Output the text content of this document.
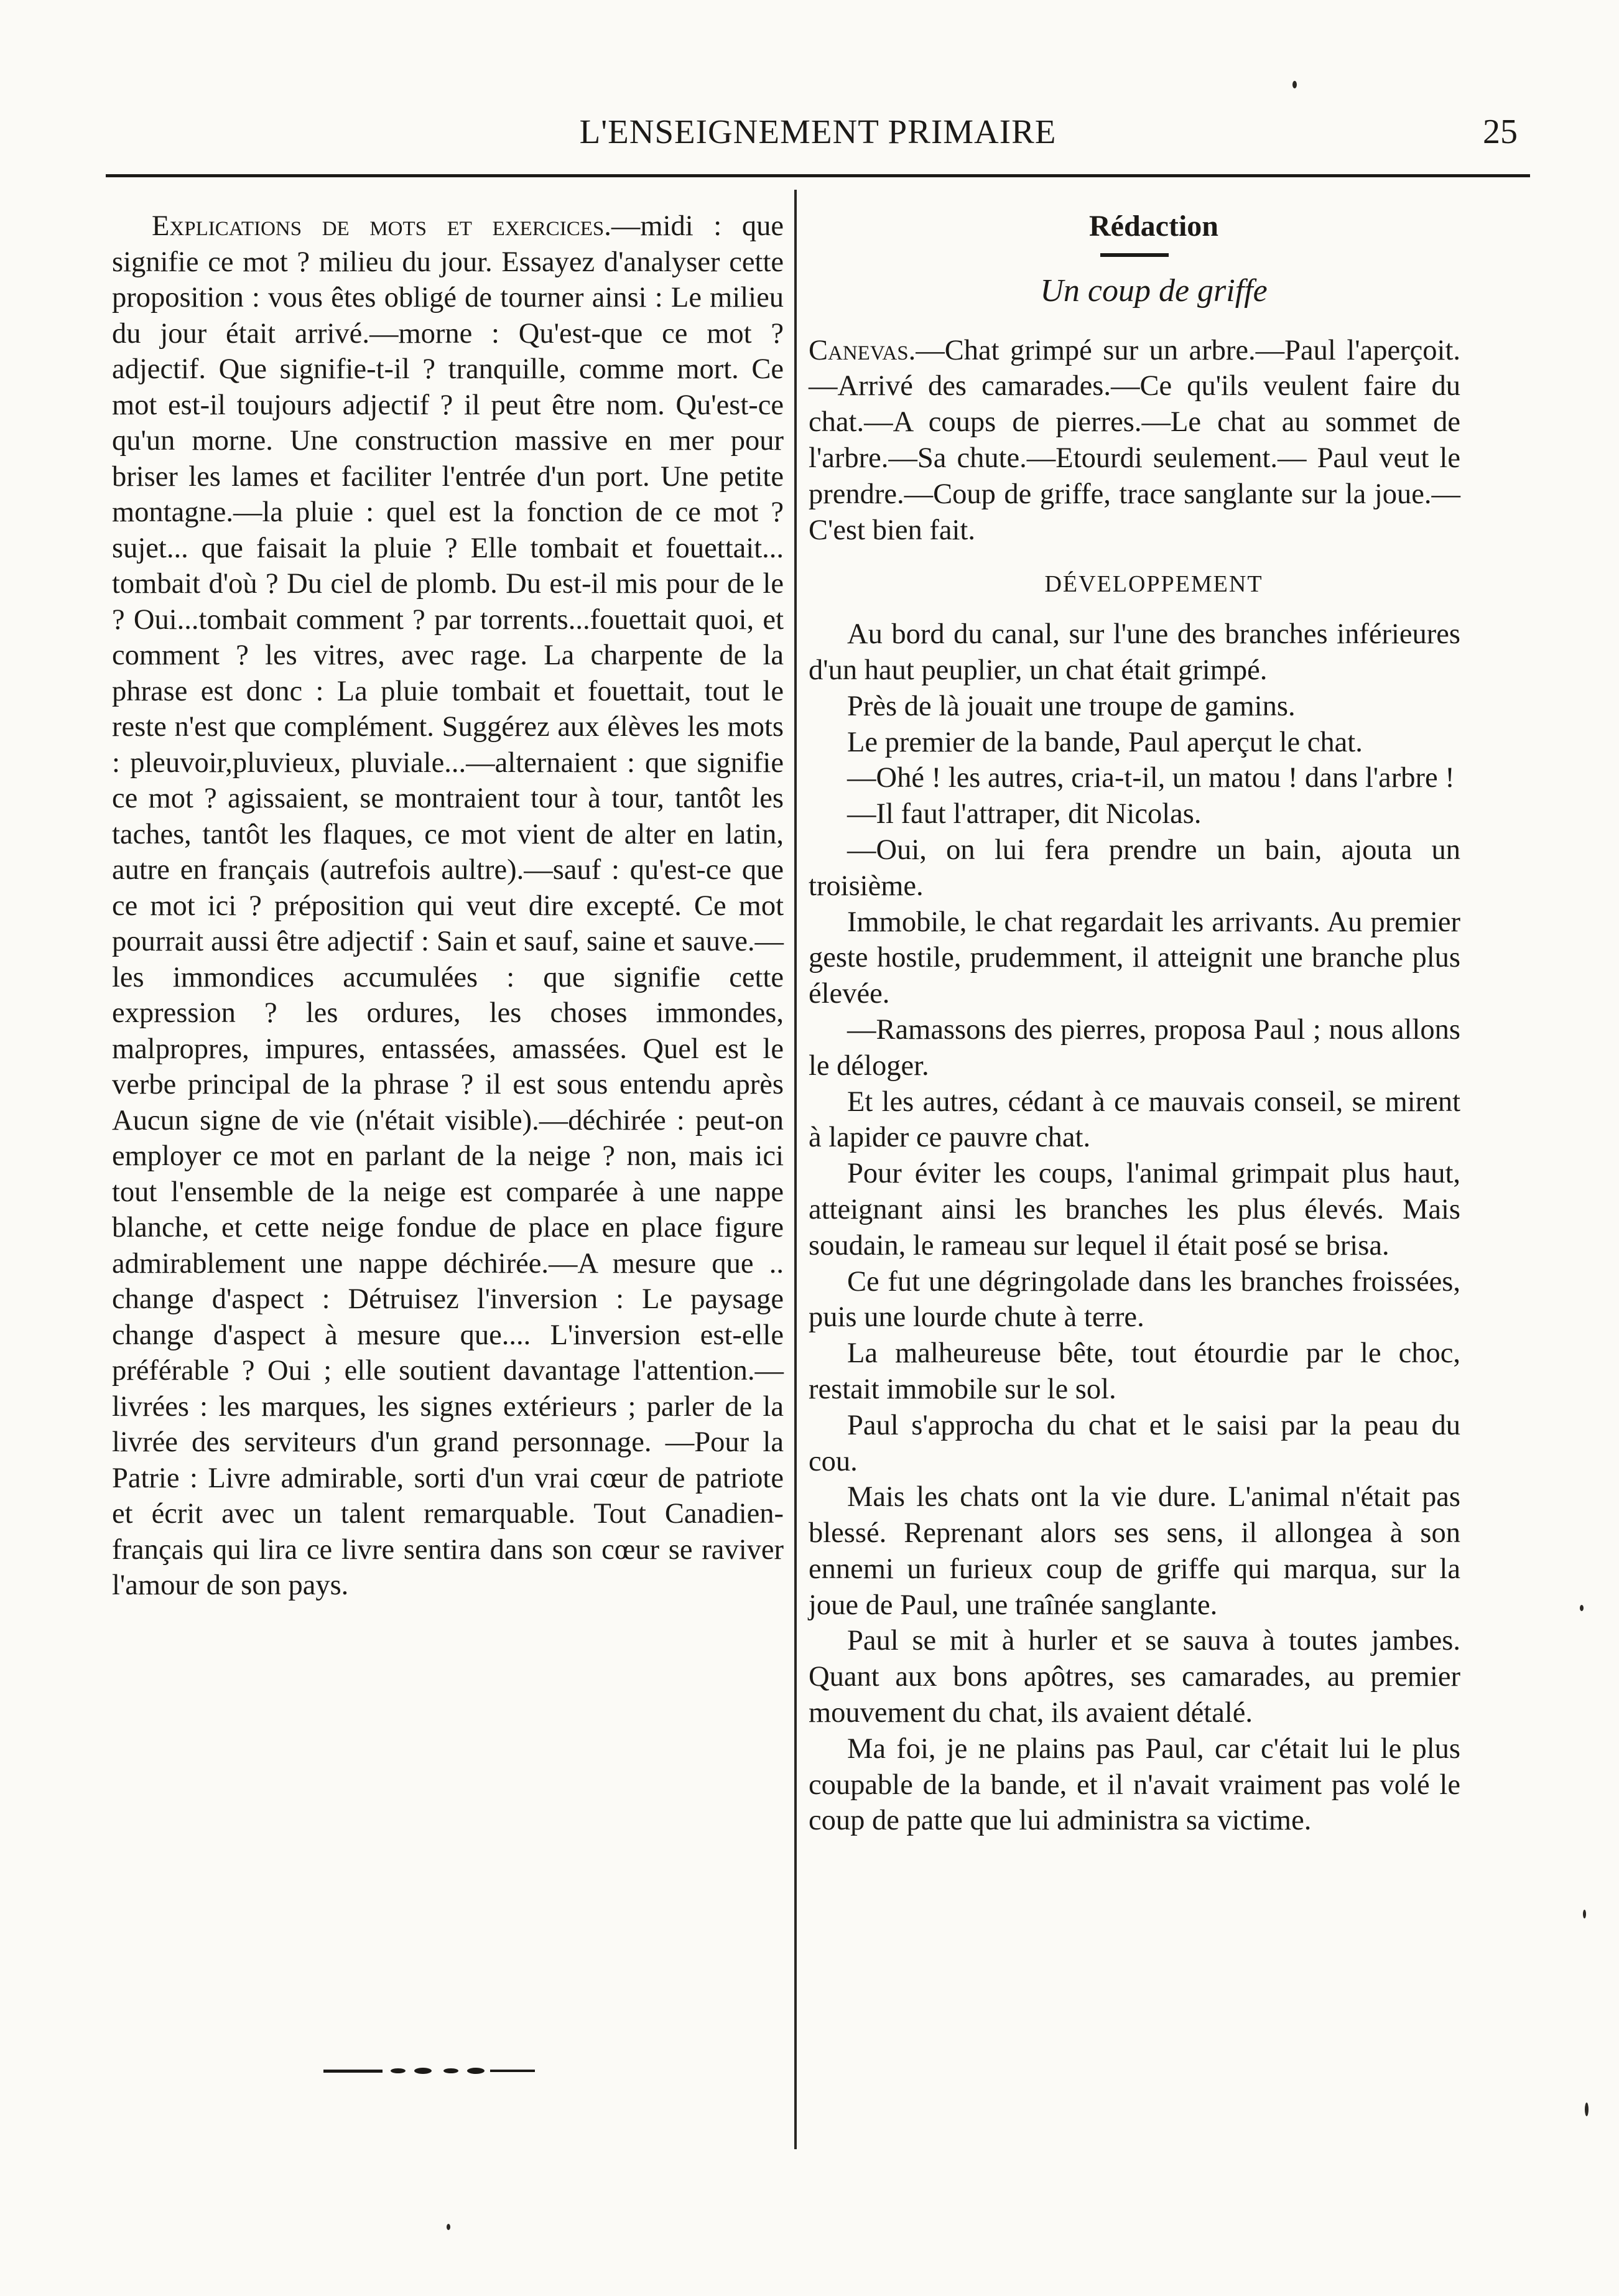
L'ENSEIGNEMENT PRIMAIRE	25

Explications de mots et exercices.—midi : que signifie ce mot ? milieu du jour. Essayez d'analyser cette proposition : vous êtes obligé de tourner ainsi : Le milieu du jour était arrivé.—morne : Qu'est-que ce mot ? adjectif. Que signifie-t-il ? tranquille, comme mort. Ce mot est-il toujours adjectif ? il peut être nom. Qu'est-ce qu'un morne. Une construction massive en mer pour briser les lames et faciliter l'entrée d'un port. Une petite montagne.—la pluie : quel est la fonction de ce mot ? sujet... que faisait la pluie ? Elle tombait et fouettait... tombait d'où ? Du ciel de plomb. Du est-il mis pour de le ? Oui...tombait comment ? par torrents...fouettait quoi, et comment ? les vitres, avec rage. La charpente de la phrase est donc : La pluie tombait et fouettait, tout le reste n'est que complément. Suggérez aux élèves les mots : pleuvoir,pluvieux, pluviale...—alternaient : que signifie ce mot ? agissaient, se montraient tour à tour, tantôt les taches, tantôt les flaques, ce mot vient de alter en latin, autre en français (autrefois aultre).—sauf : qu'est-ce que ce mot ici ? préposition qui veut dire excepté. Ce mot pourrait aussi être adjectif : Sain et sauf, saine et sauve.—les immondices accumulées : que signifie cette expression ? les ordures, les choses immondes, malpropres, impures, entassées, amassées. Quel est le verbe principal de la phrase ? il est sous entendu après Aucun signe de vie (n'était visible).—déchirée : peut-on employer ce mot en parlant de la neige ? non, mais ici tout l'ensemble de la neige est comparée à une nappe blanche, et cette neige fondue de place en place figure admirablement une nappe déchirée.—A mesure que .. change d'aspect : Détruisez l'inversion : Le paysage change d'aspect à mesure que.... L'inversion est-elle préférable ? Oui ; elle soutient davantage l'attention.— livrées : les marques, les signes extérieurs ; parler de la livrée des serviteurs d'un grand personnage. —Pour la Patrie : Livre admirable, sorti d'un vrai cœur de patriote et écrit avec un talent remarquable. Tout Canadien-français qui lira ce livre sentira dans son cœur se raviver l'amour de son pays.

Rédaction

Un coup de griffe

Canevas.—Chat grimpé sur un arbre.—Paul l'aperçoit.—Arrivé des camarades.—Ce qu'ils veulent faire du chat.—A coups de pierres.—Le chat au sommet de l'arbre.—Sa chute.—Etourdi seulement.— Paul veut le prendre.—Coup de griffe, trace sanglante sur la joue.—C'est bien fait.

DÉVELOPPEMENT

Au bord du canal, sur l'une des branches inférieures d'un haut peuplier, un chat était grimpé.

Près de là jouait une troupe de gamins.

Le premier de la bande, Paul aperçut le chat.

—Ohé ! les autres, cria-t-il, un matou ! dans l'arbre !

—Il faut l'attraper, dit Nicolas.

—Oui, on lui fera prendre un bain, ajouta un troisième.

Immobile, le chat regardait les arrivants. Au premier geste hostile, prudemment, il atteignit une branche plus élevée.

—Ramassons des pierres, proposa Paul ; nous allons le déloger.

Et les autres, cédant à ce mauvais conseil, se mirent à lapider ce pauvre chat.

Pour éviter les coups, l'animal grimpait plus haut, atteignant ainsi les branches les plus élevés. Mais soudain, le rameau sur lequel il était posé se brisa.

Ce fut une dégringolade dans les branches froissées, puis une lourde chute à terre.

La malheureuse bête, tout étourdie par le choc, restait immobile sur le sol.

Paul s'approcha du chat et le saisi par la peau du cou.

Mais les chats ont la vie dure. L'animal n'était pas blessé. Reprenant alors ses sens, il allongea à son ennemi un furieux coup de griffe qui marqua, sur la joue de Paul, une traînée sanglante.

Paul se mit à hurler et se sauva à toutes jambes. Quant aux bons apôtres, ses camarades, au premier mouvement du chat, ils avaient détalé.

Ma foi, je ne plains pas Paul, car c'était lui le plus coupable de la bande, et il n'avait vraiment pas volé le coup de patte que lui administra sa victime.
